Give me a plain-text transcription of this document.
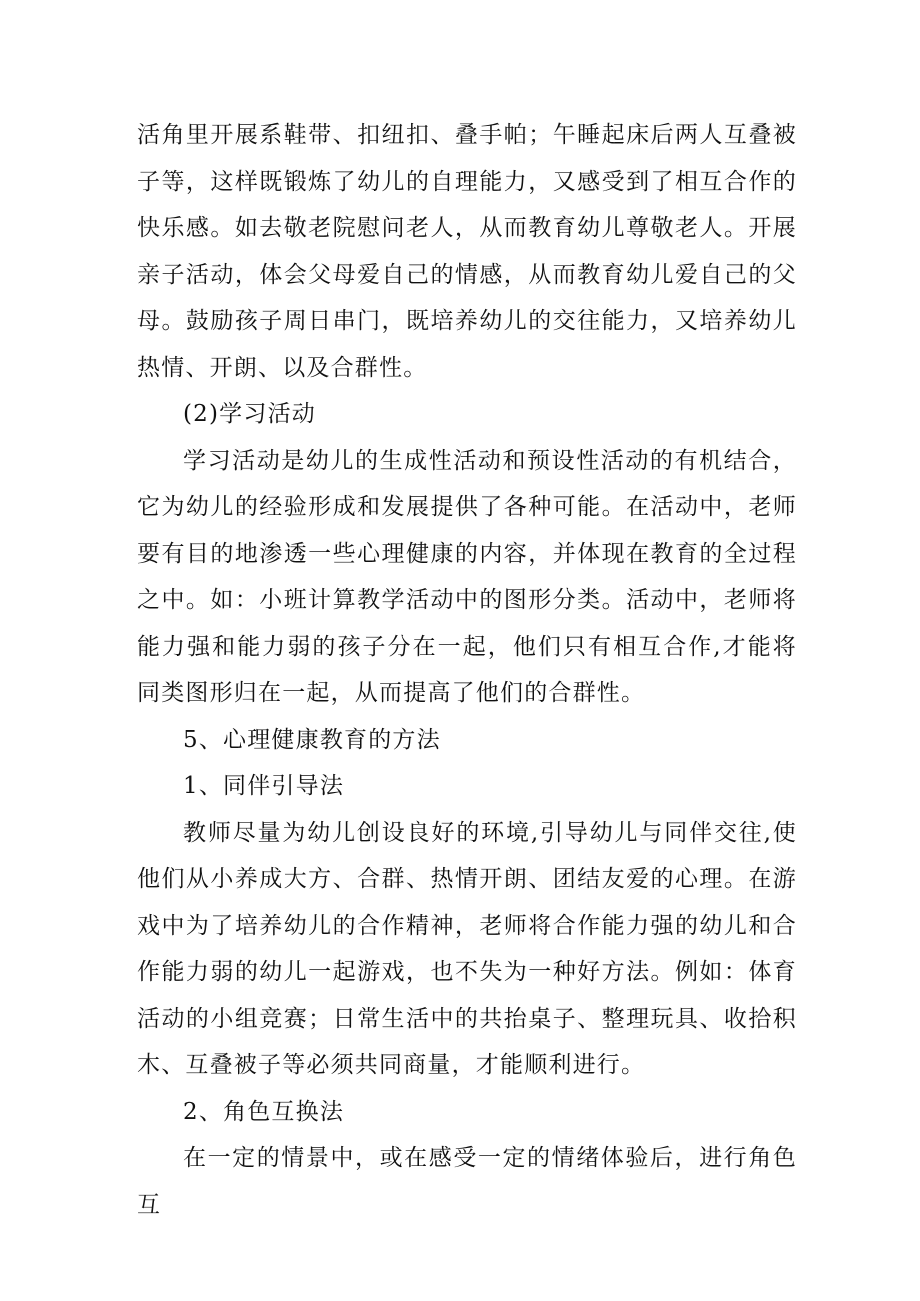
活角里开展系鞋带、扣纽扣、叠手帕；午睡起床后两人互叠被子等，这样既锻炼了幼儿的自理能力，又感受到了相互合作的快乐感。如去敬老院慰问老人，从而教育幼儿尊敬老人。开展亲子活动，体会父母爱自己的情感，从而教育幼儿爱自己的父母。鼓励孩子周日串门，既培养幼儿的交往能力，又培养幼儿热情、开朗、以及合群性。

(2)学习活动

学习活动是幼儿的生成性活动和预设性活动的有机结合，它为幼儿的经验形成和发展提供了各种可能。在活动中，老师要有目的地渗透一些心理健康的内容，并体现在教育的全过程之中。如：小班计算教学活动中的图形分类。活动中，老师将能力强和能力弱的孩子分在一起，他们只有相互合作,才能将同类图形归在一起，从而提高了他们的合群性。

5、心理健康教育的方法

1、同伴引导法

教师尽量为幼儿创设良好的环境,引导幼儿与同伴交往,使他们从小养成大方、合群、热情开朗、团结友爱的心理。在游戏中为了培养幼儿的合作精神，老师将合作能力强的幼儿和合作能力弱的幼儿一起游戏，也不失为一种好方法。例如：体育活动的小组竞赛；日常生活中的共抬桌子、整理玩具、收拾积木、互叠被子等必须共同商量，才能顺利进行。

2、角色互换法

在一定的情景中，或在感受一定的情绪体验后，进行角色互
